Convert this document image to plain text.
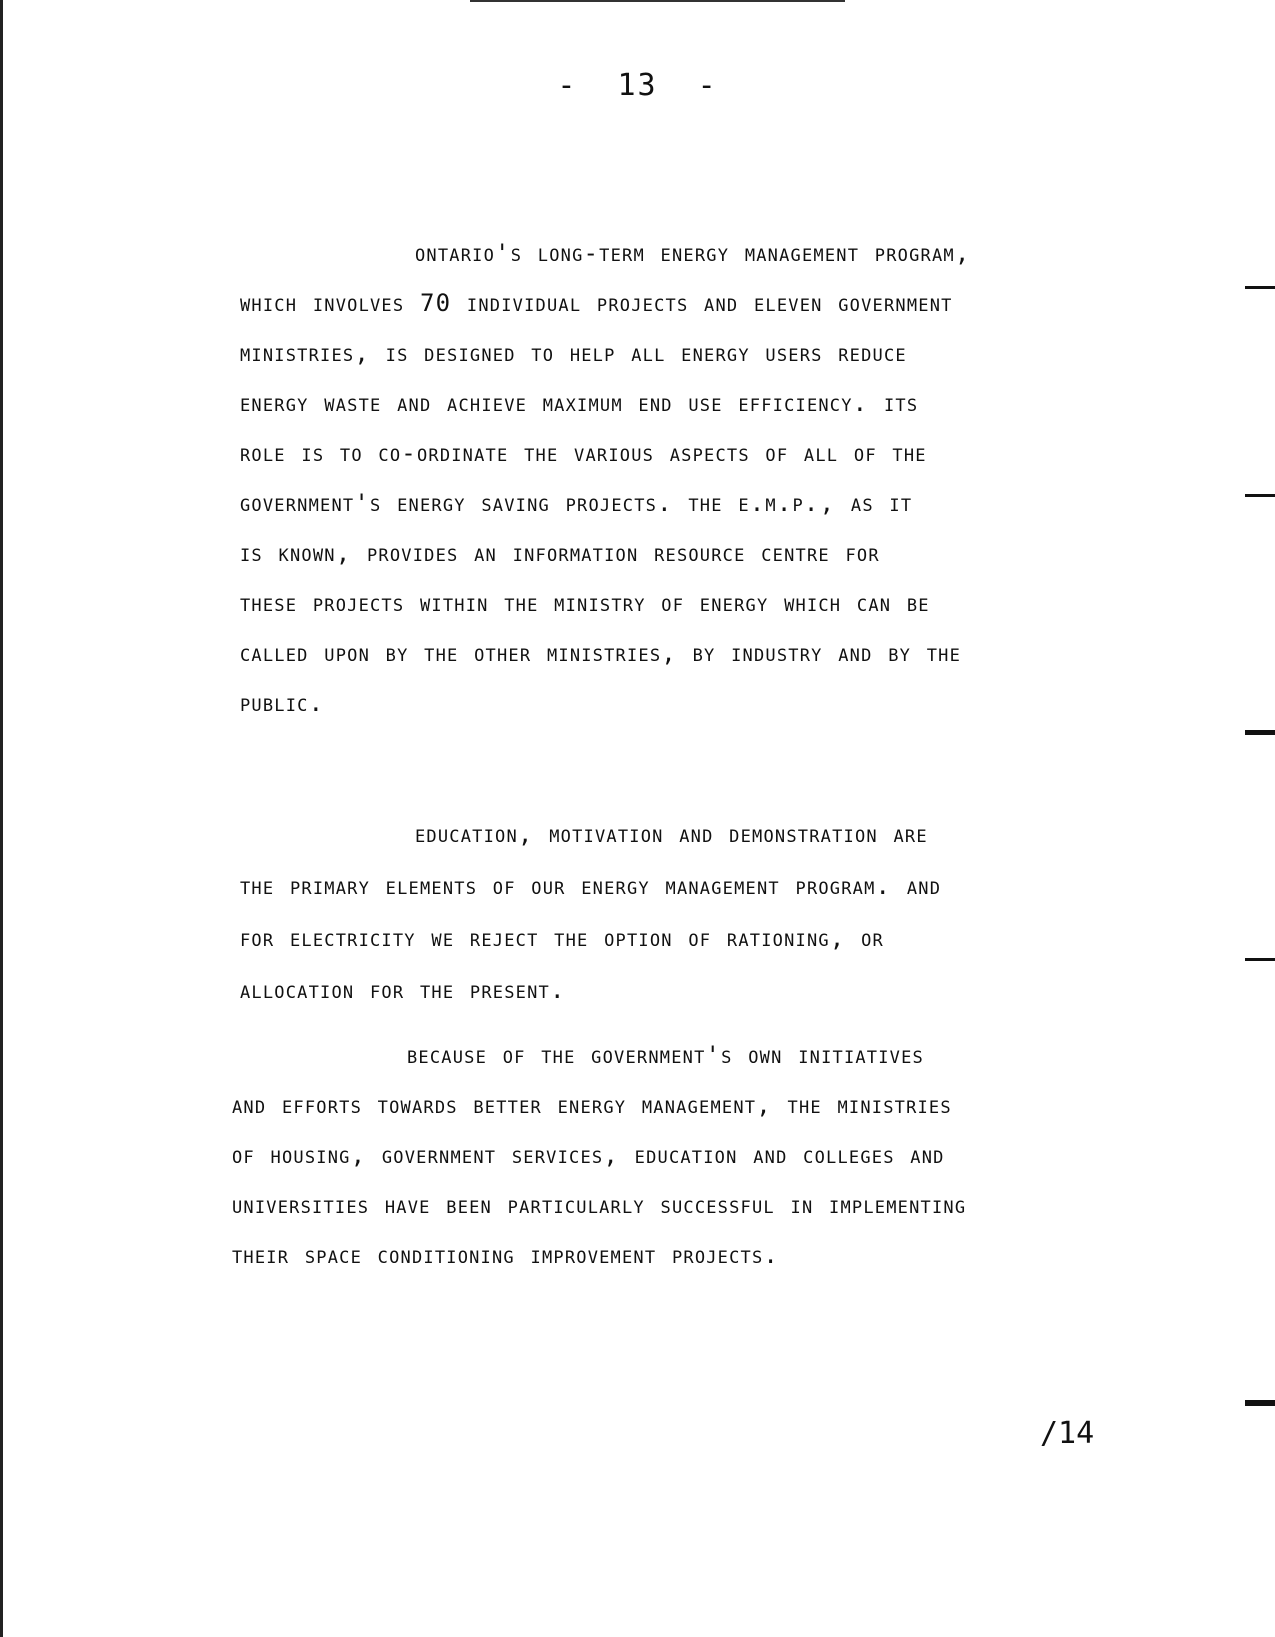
- 13 -

ontario's long-term energy management program,
which involves 70 individual projects and eleven government
ministries, is designed to help all energy users reduce
energy waste and achieve maximum end use efficiency. its
role is to co-ordinate the various aspects of all of the
government's energy saving projects. the e.m.p., as it
is known, provides an information resource centre for
these projects within the ministry of energy which can be
called upon by the other ministries, by industry and by the
public.

education, motivation and demonstration are
the primary elements of our energy management program. and
for electricity we reject the option of rationing, or
allocation for the present.

because of the government's own initiatives
and efforts towards better energy management, the ministries
of housing, government services, education and colleges and
universities have been particularly successful in implementing
their space conditioning improvement projects.

/14
